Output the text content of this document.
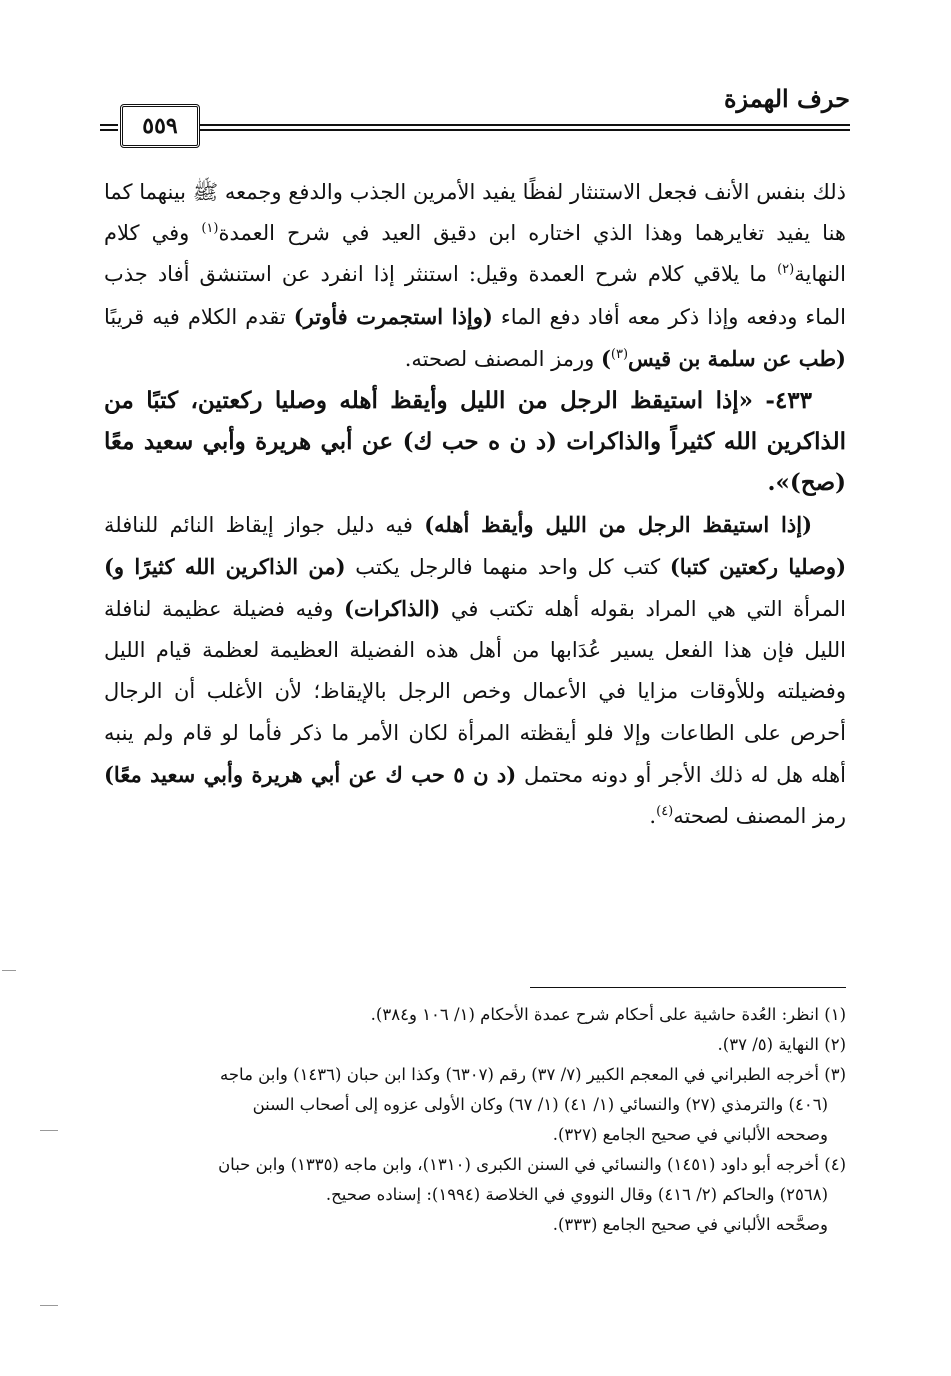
حرف الهمزة
٥٥٩

ذلك بنفس الأنف فجعل الاستنثار لفظًا يفيد الأمرين الجذب والدفع وجمعه ﷺ بينهما كما هنا يفيد تغايرهما وهذا الذي اختاره ابن دقيق العيد في شرح العمدة$^{(١)}$ وفي كلام النهاية$^{(٢)}$ ما يلاقي كلام شرح العمدة وقيل: استنثر إذا انفرد عن استنشق أفاد جذب الماء ودفعه وإذا ذكر معه أفاد دفع الماء (وإذا استجمرت فأوتر) تقدم الكلام فيه قريبًا (طب عن سلمة بن قيس$^{(٣)}$) ورمز المصنف لصحته.

٤٣٣- «إذا استيقظ الرجل من الليل وأيقظ أهله وصليا ركعتين، كتبًا من الذاكرين الله كثيراً والذاكرات (د ن ه حب ك) عن أبي هريرة وأبي سعيد معًا (صح)».

(إذا استيقظ الرجل من الليل وأيقظ أهله) فيه دليل جواز إيقاظ النائم للنافلة (وصليا ركعتين كتبا) كتب كل واحد منهما فالرجل يكتب (من الذاكرين الله كثيرًا و) المرأة التي هي المراد بقوله أهله تكتب في (الذاكرات) وفيه فضيلة عظيمة لنافلة الليل فإن هذا الفعل يسير عُدَابها من أهل هذه الفضيلة العظيمة لعظمة قيام الليل وفضيلته وللأوقات مزايا في الأعمال وخص الرجل بالإيقاظ؛ لأن الأغلب أن الرجال أحرص على الطاعات وإلا فلو أيقظته المرأة لكان الأمر ما ذكر فأما لو قام ولم ينبه أهله هل له ذلك الأجر أو دونه محتمل (د ن ٥ حب ك عن أبي هريرة وأبي سعيد معًا) رمز المصنف لصحته$^{(٤)}$.

(١) انظر: العُدة حاشية على أحكام شرح عمدة الأحكام (١/ ١٠٦ و٣٨٤).

(٢) النهاية (٥/ ٣٧).

(٣) أخرجه الطبراني في المعجم الكبير (٧/ ٣٧) رقم (٦٣٠٧) وكذا ابن حبان (١٤٣٦) وابن ماجه

(٤٠٦) والترمذي (٢٧) والنسائي (١/ ٤١) (١/ ٦٧) وكان الأولى عزوه إلى أصحاب السنن

وصححه الألباني في صحيح الجامع (٣٢٧).

(٤) أخرجه أبو داود (١٤٥١) والنسائي في السنن الكبرى (١٣١٠)، وابن ماجه (١٣٣٥) وابن حبان

(٢٥٦٨) والحاكم (٢/ ٤١٦) وقال النووي في الخلاصة (١٩٩٤): إسناده صحيح.

وصحَّحه الألباني في صحيح الجامع (٣٣٣).
